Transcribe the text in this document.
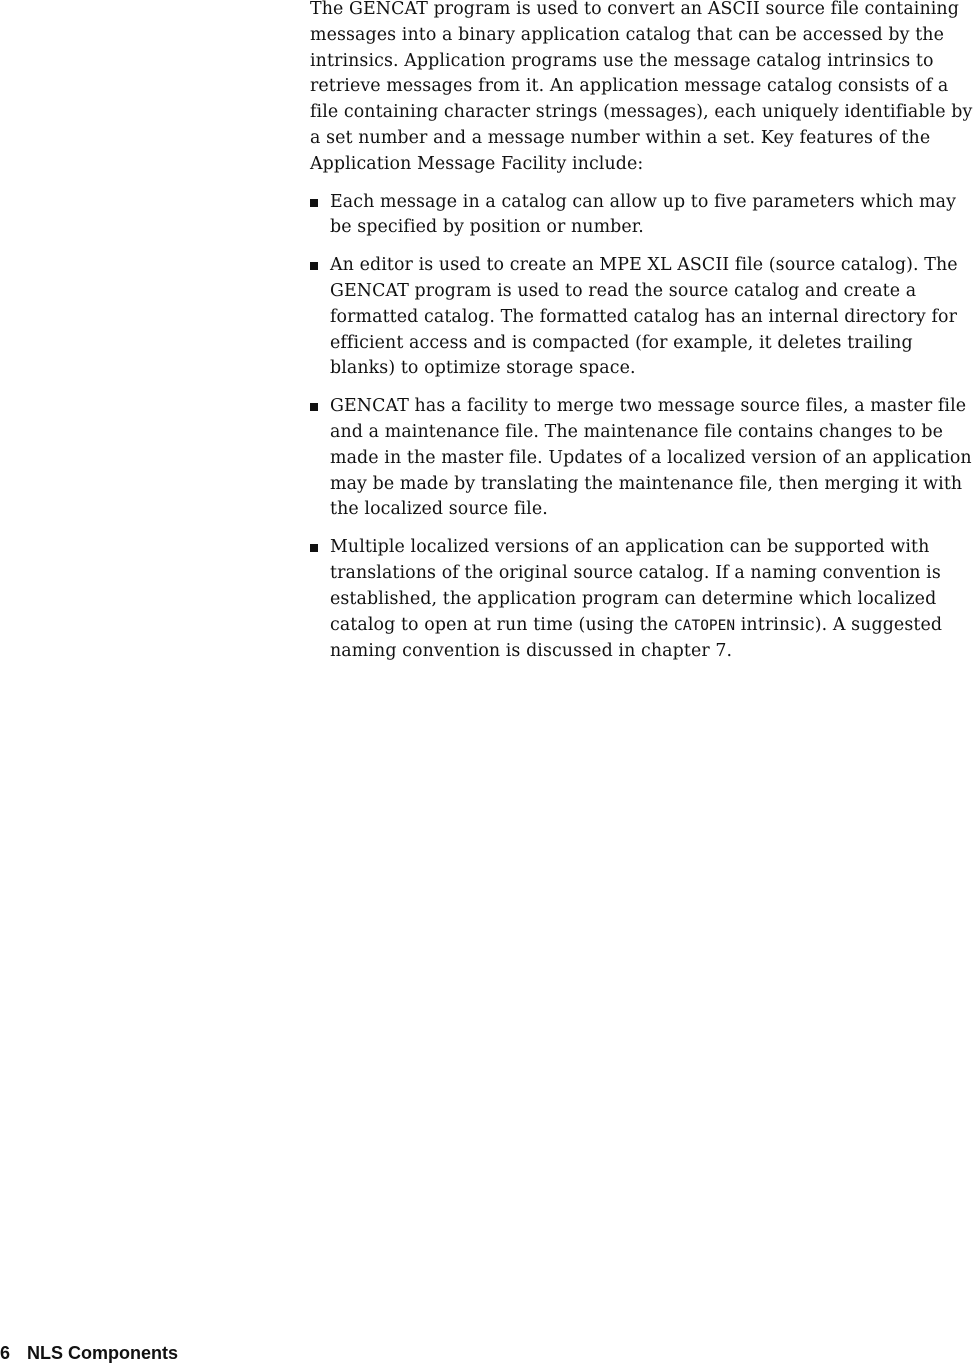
The GENCAT program is used to convert an ASCII source file containing messages into a binary application catalog that can be accessed by the intrinsics. Application programs use the message catalog intrinsics to retrieve messages from it. An application message catalog consists of a file containing character strings (messages), each uniquely identifiable by a set number and a message number within a set. Key features of the Application Message Facility include:

Each message in a catalog can allow up to five parameters which may be specified by position or number.
An editor is used to create an MPE XL ASCII file (source catalog). The GENCAT program is used to read the source catalog and create a formatted catalog. The formatted catalog has an internal directory for efficient access and is compacted (for example, it deletes trailing blanks) to optimize storage space.
GENCAT has a facility to merge two message source files, a master file and a maintenance file. The maintenance file contains changes to be made in the master file. Updates of a localized version of an application may be made by translating the maintenance file, then merging it with the localized source file.
Multiple localized versions of an application can be supported with translations of the original source catalog. If a naming convention is established, the application program can determine which localized catalog to open at run time (using the CATOPEN intrinsic). A suggested naming convention is discussed in chapter 7.
6 NLS Components
